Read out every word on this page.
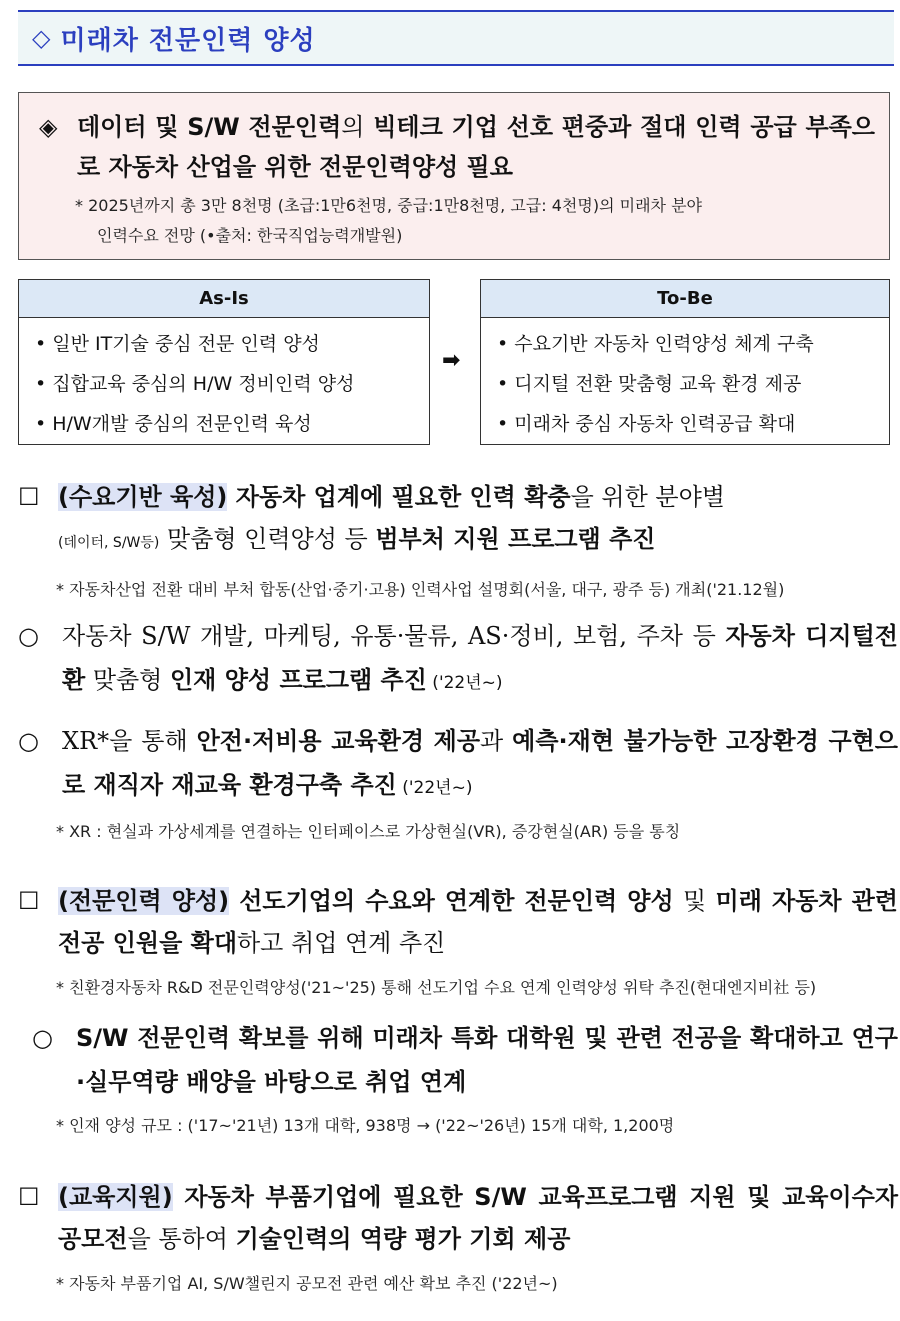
◇ 미래차 전문인력 양성
◈ 데이터 및 S/W 전문인력의 빅테크 기업 선호 편중과 절대 인력 공급 부족으로 자동차 산업을 위한 전문인력양성 필요
* 2025년까지 총 3만 8천명 (초급:1만6천명, 중급:1만8천명, 고급: 4천명)의 미래차 분야
인력수요 전망 (•출처: 한국직업능력개발원)
As-Is
• 일반 IT기술 중심 전문 인력 양성
• 집합교육 중심의 H/W 정비인력 양성
• H/W개발 중심의 전문인력 육성
➡
To-Be
• 수요기반 자동차 인력양성 체계 구축
• 디지털 전환 맞춤형 교육 환경 제공
• 미래차 중심 자동차 인력공급 확대
☐ (수요기반 육성) 자동차 업계에 필요한 인력 확충을 위한 분야별
(데이터, S/W등) 맞춤형 인력양성 등 범부처 지원 프로그램 추진
* 자동차산업 전환 대비 부처 합동(산업·중기·고용) 인력사업 설명회(서울, 대구, 광주 등) 개최('21.12월)
○ 자동차 S/W 개발, 마케팅, 유통·물류, AS·정비, 보험, 주차 등 자동차 디지털전환 맞춤형 인재 양성 프로그램 추진 ('22년~)
○ XR*을 통해 안전·저비용 교육환경 제공과 예측·재현 불가능한 고장환경 구현으로 재직자 재교육 환경구축 추진 ('22년~)
* XR : 현실과 가상세계를 연결하는 인터페이스로 가상현실(VR), 증강현실(AR) 등을 통칭
☐ (전문인력 양성) 선도기업의 수요와 연계한 전문인력 양성 및 미래 자동차 관련 전공 인원을 확대하고 취업 연계 추진
* 친환경자동차 R&D 전문인력양성('21~'25) 통해 선도기업 수요 연계 인력양성 위탁 추진(현대엔지비社 등)
○ S/W 전문인력 확보를 위해 미래차 특화 대학원 및 관련 전공을 확대하고 연구·실무역량 배양을 바탕으로 취업 연계
* 인재 양성 규모 : ('17~'21년) 13개 대학, 938명 → ('22~'26년) 15개 대학, 1,200명
☐ (교육지원) 자동차 부품기업에 필요한 S/W 교육프로그램 지원 및 교육이수자 공모전을 통하여 기술인력의 역량 평가 기회 제공
* 자동차 부품기업 AI, S/W챌린지 공모전 관련 예산 확보 추진 ('22년~)
